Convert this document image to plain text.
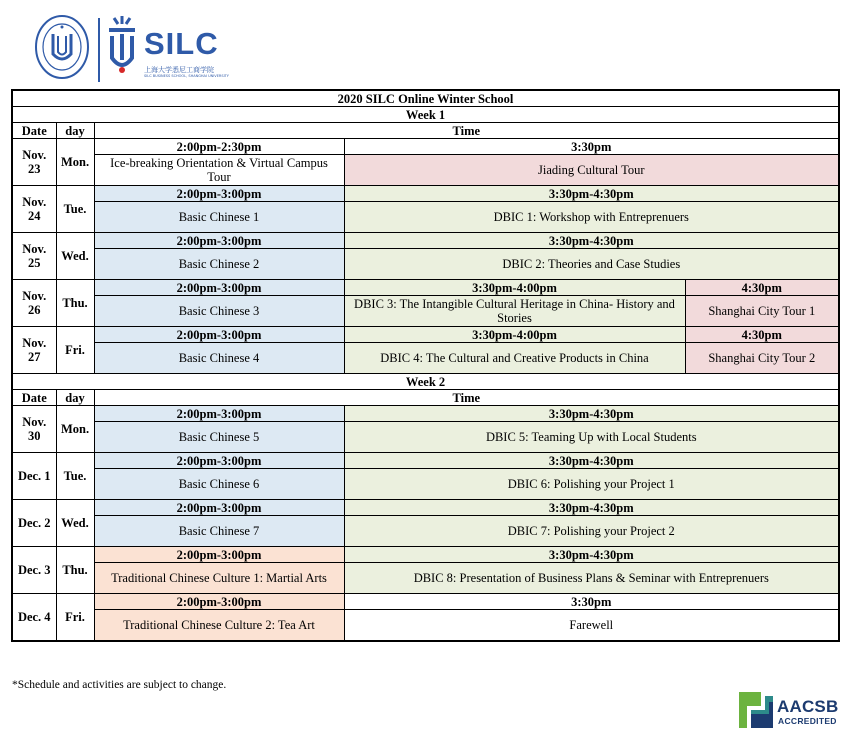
SILC
上海大学悉尼工商学院
SILC BUSINESS SCHOOL, SHANGHAI UNIVERSITY
2020 SILC Online Winter School				
Week 1				
Date	day	Time		
Nov. 23	Mon.	2:00pm-2:30pm	3:30pm	
		Ice-breaking Orientation & Virtual Campus Tour	Jiading Cultural Tour	
Nov. 24	Tue.	2:00pm-3:00pm	3:30pm-4:30pm	
		Basic Chinese 1	DBIC 1: Workshop with Entreprenuers	
Nov. 25	Wed.	2:00pm-3:00pm	3:30pm-4:30pm	
		Basic Chinese 2	DBIC 2: Theories and Case Studies	
Nov. 26	Thu.	2:00pm-3:00pm	3:30pm-4:00pm	4:30pm
		Basic Chinese 3	DBIC 3: The Intangible Cultural Heritage in China- History and Stories	Shanghai City Tour 1
Nov. 27	Fri.	2:00pm-3:00pm	3:30pm-4:00pm	4:30pm
		Basic Chinese 4	DBIC 4: The Cultural and Creative Products in China	Shanghai City Tour 2
Week 2				
Date	day	Time		
Nov. 30	Mon.	2:00pm-3:00pm	3:30pm-4:30pm	
		Basic Chinese 5	DBIC 5: Teaming Up with Local Students	
Dec. 1	Tue.	2:00pm-3:00pm	3:30pm-4:30pm	
		Basic Chinese 6	DBIC 6: Polishing your Project 1	
Dec. 2	Wed.	2:00pm-3:00pm	3:30pm-4:30pm	
		Basic Chinese 7	DBIC 7: Polishing your Project 2	
Dec. 3	Thu.	2:00pm-3:00pm	3:30pm-4:30pm	
		Traditional Chinese Culture 1: Martial Arts	DBIC 8: Presentation of Business Plans & Seminar with Entreprenuers	
Dec. 4	Fri.	2:00pm-3:00pm	3:30pm	
		Traditional Chinese Culture 2: Tea Art	Farewell	
*Schedule and activities are subject to change.
AACSB
ACCREDITED
